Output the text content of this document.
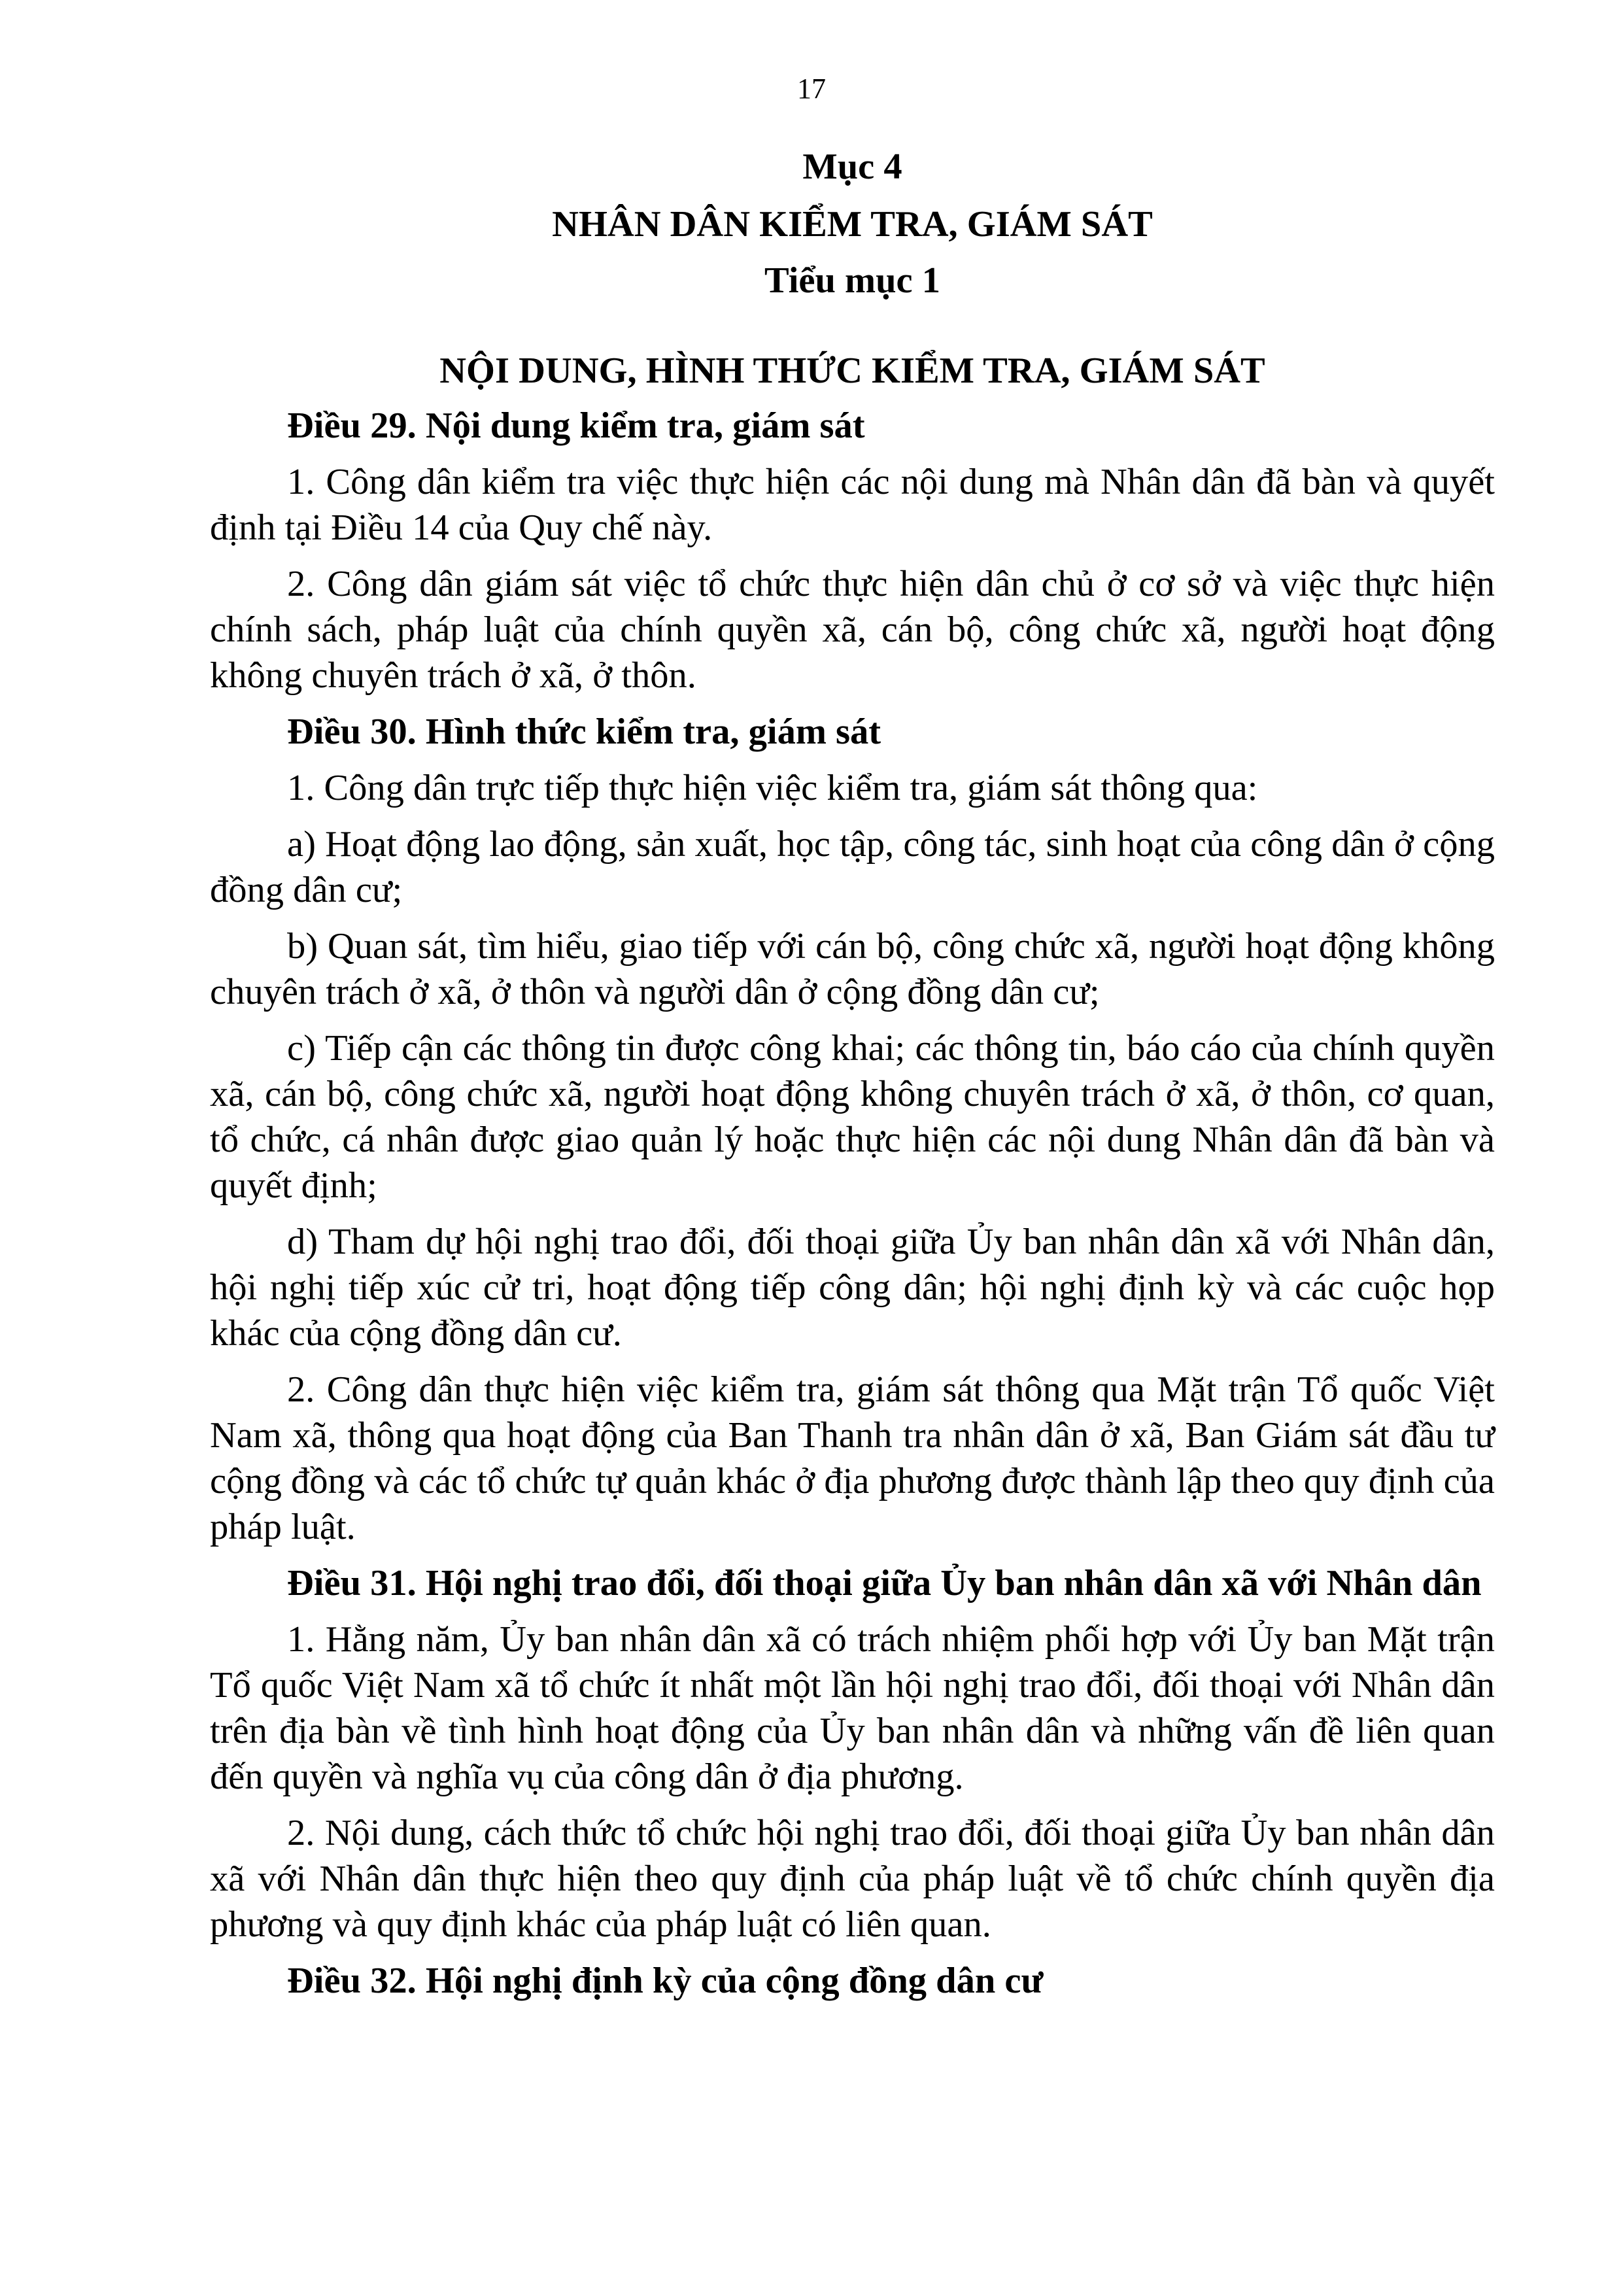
17

Mục 4

NHÂN DÂN KIỂM TRA, GIÁM SÁT

Tiểu mục 1

NỘI DUNG, HÌNH THỨC KIỂM TRA, GIÁM SÁT

Điều 29. Nội dung kiểm tra, giám sát

1. Công dân kiểm tra việc thực hiện các nội dung mà Nhân dân đã bàn và quyết định tại Điều 14 của Quy chế này.

2. Công dân giám sát việc tổ chức thực hiện dân chủ ở cơ sở và việc thực hiện chính sách, pháp luật của chính quyền xã, cán bộ, công chức xã, người hoạt động không chuyên trách ở xã, ở thôn.

Điều 30. Hình thức kiểm tra, giám sát

1. Công dân trực tiếp thực hiện việc kiểm tra, giám sát thông qua:

a) Hoạt động lao động, sản xuất, học tập, công tác, sinh hoạt của công dân ở cộng đồng dân cư;

b) Quan sát, tìm hiểu, giao tiếp với cán bộ, công chức xã, người hoạt động không chuyên trách ở xã, ở thôn và người dân ở cộng đồng dân cư;

c) Tiếp cận các thông tin được công khai; các thông tin, báo cáo của chính quyền xã, cán bộ, công chức xã, người hoạt động không chuyên trách ở xã, ở thôn, cơ quan, tổ chức, cá nhân được giao quản lý hoặc thực hiện các nội dung Nhân dân đã bàn và quyết định;

d) Tham dự hội nghị trao đổi, đối thoại giữa Ủy ban nhân dân xã với Nhân dân, hội nghị tiếp xúc cử tri, hoạt động tiếp công dân; hội nghị định kỳ và các cuộc họp khác của cộng đồng dân cư.

2. Công dân thực hiện việc kiểm tra, giám sát thông qua Mặt trận Tổ quốc Việt Nam xã, thông qua hoạt động của Ban Thanh tra nhân dân ở xã, Ban Giám sát đầu tư cộng đồng và các tổ chức tự quản khác ở địa phương được thành lập theo quy định của pháp luật.

Điều 31. Hội nghị trao đổi, đối thoại giữa Ủy ban nhân dân xã với Nhân dân

1. Hằng năm, Ủy ban nhân dân xã có trách nhiệm phối hợp với Ủy ban Mặt trận Tổ quốc Việt Nam xã tổ chức ít nhất một lần hội nghị trao đổi, đối thoại với Nhân dân trên địa bàn về tình hình hoạt động của Ủy ban nhân dân và những vấn đề liên quan đến quyền và nghĩa vụ của công dân ở địa phương.

2. Nội dung, cách thức tổ chức hội nghị trao đổi, đối thoại giữa Ủy ban nhân dân xã với Nhân dân thực hiện theo quy định của pháp luật về tổ chức chính quyền địa phương và quy định khác của pháp luật có liên quan.

Điều 32. Hội nghị định kỳ của cộng đồng dân cư
